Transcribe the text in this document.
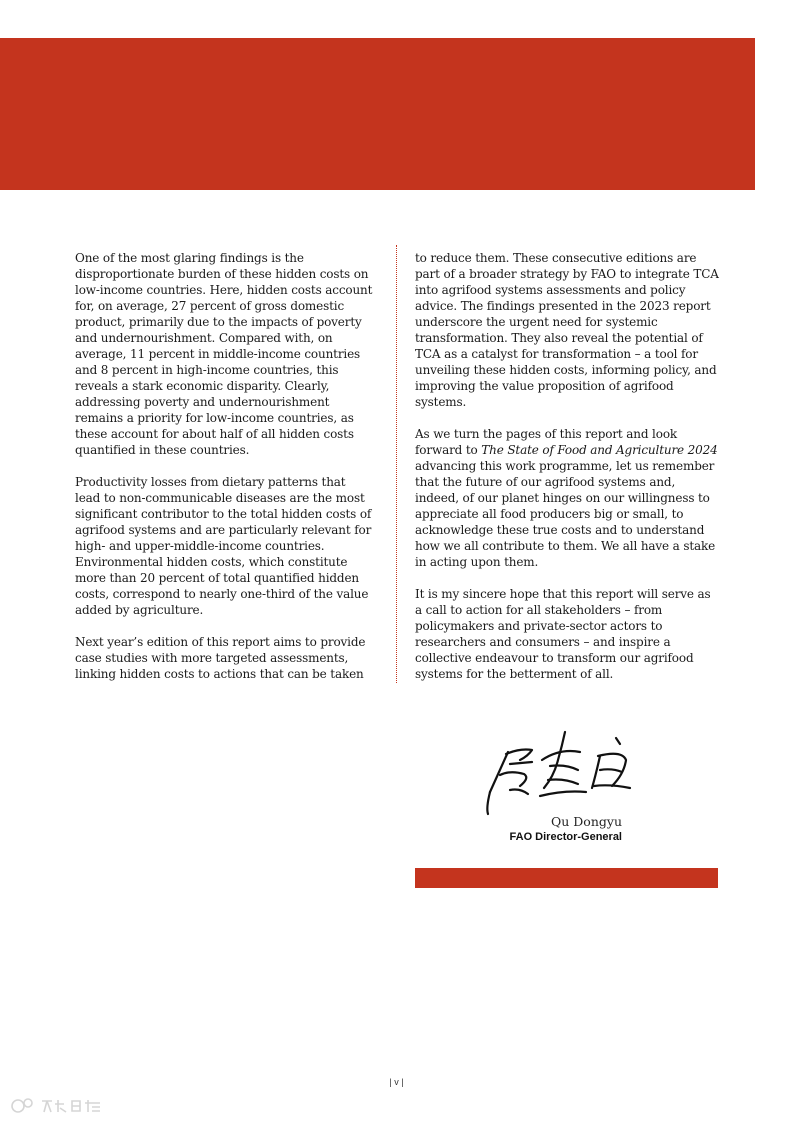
One of the most glaring findings is the disproportionate burden of these hidden costs on low-income countries. Here, hidden costs account for, on average, 27 percent of gross domestic product, primarily due to the impacts of poverty and undernourishment. Compared with, on average, 11 percent in middle-income countries and 8 percent in high-income countries, this reveals a stark economic disparity. Clearly, addressing poverty and undernourishment remains a priority for low-income countries, as these account for about half of all hidden costs quantified in these countries.

Productivity losses from dietary patterns that lead to non-communicable diseases are the most significant contributor to the total hidden costs of agrifood systems and are particularly relevant for high- and upper-middle-income countries. Environmental hidden costs, which constitute more than 20 percent of total quantified hidden costs, correspond to nearly one-third of the value added by agriculture.

Next year’s edition of this report aims to provide case studies with more targeted assessments, linking hidden costs to actions that can be taken

to reduce them. These consecutive editions are part of a broader strategy by FAO to integrate TCA into agrifood systems assessments and policy advice. The findings presented in the 2023 report underscore the urgent need for systemic transformation. They also reveal the potential of TCA as a catalyst for transformation – a tool for unveiling these hidden costs, informing policy, and improving the value proposition of agrifood systems.

As we turn the pages of this report and look forward to The State of Food and Agriculture 2024 advancing this work programme, let us remember that the future of our agrifood systems and, indeed, of our planet hinges on our willingness to appreciate all food producers big or small, to acknowledge these true costs and to understand how we all contribute to them. We all have a stake in acting upon them.

It is my sincere hope that this report will serve as a call to action for all stakeholders – from policymakers and private-sector actors to researchers and consumers – and inspire a collective endeavour to transform our agrifood systems for the betterment of all.

Qu Dongyu
FAO Director-General
| v |
